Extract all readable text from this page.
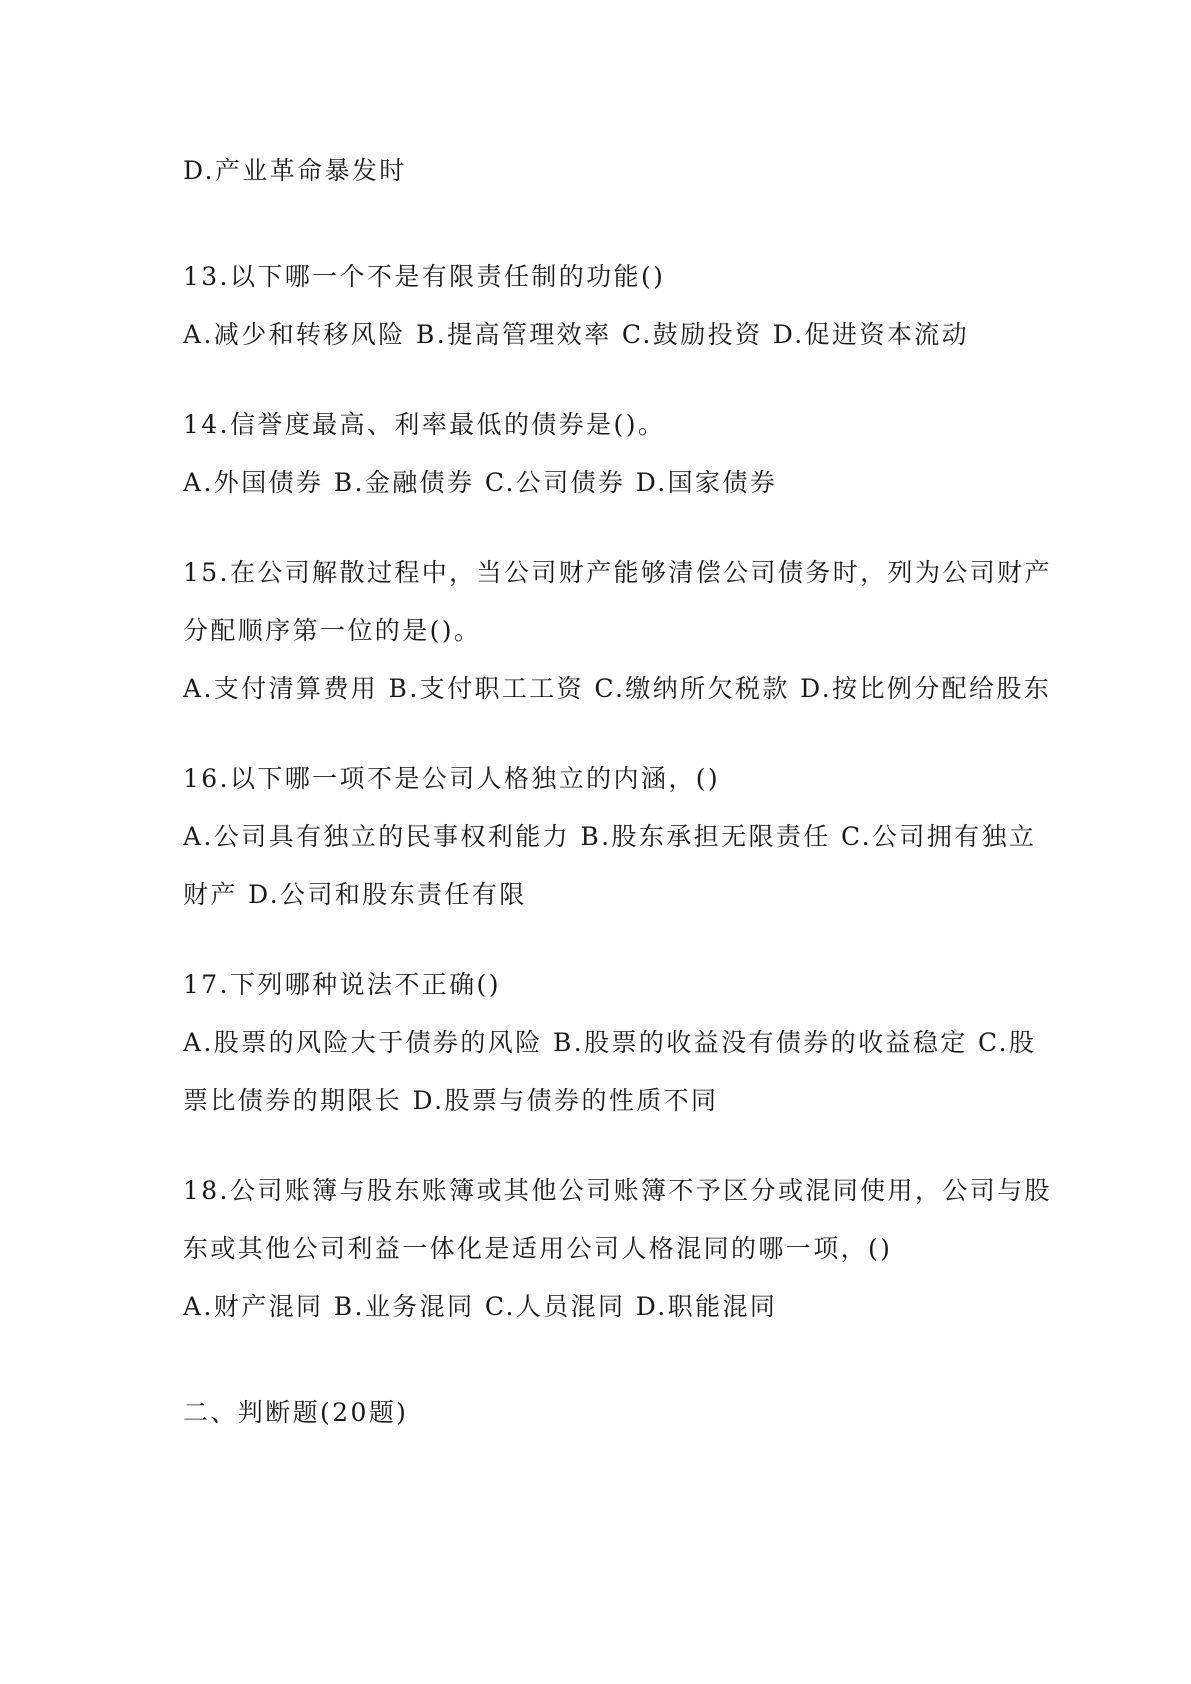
D.产业革命暴发时
13.以下哪一个不是有限责任制的功能()
A.减少和转移风险 B.提高管理效率 C.鼓励投资 D.促进资本流动
14.信誉度最高、利率最低的债券是()。
A.外国债券 B.金融债券 C.公司债券 D.国家债券
15.在公司解散过程中，当公司财产能够清偿公司债务时，列为公司财产
分配顺序第一位的是()。
A.支付清算费用 B.支付职工工资 C.缴纳所欠税款 D.按比例分配给股东
16.以下哪一项不是公司人格独立的内涵，()
A.公司具有独立的民事权利能力 B.股东承担无限责任 C.公司拥有独立
财产 D.公司和股东责任有限
17.下列哪种说法不正确()
A.股票的风险大于债券的风险 B.股票的收益没有债券的收益稳定 C.股
票比债券的期限长 D.股票与债券的性质不同
18.公司账簿与股东账簿或其他公司账簿不予区分或混同使用，公司与股
东或其他公司利益一体化是适用公司人格混同的哪一项，()
A.财产混同 B.业务混同 C.人员混同 D.职能混同
二、判断题(20题)
